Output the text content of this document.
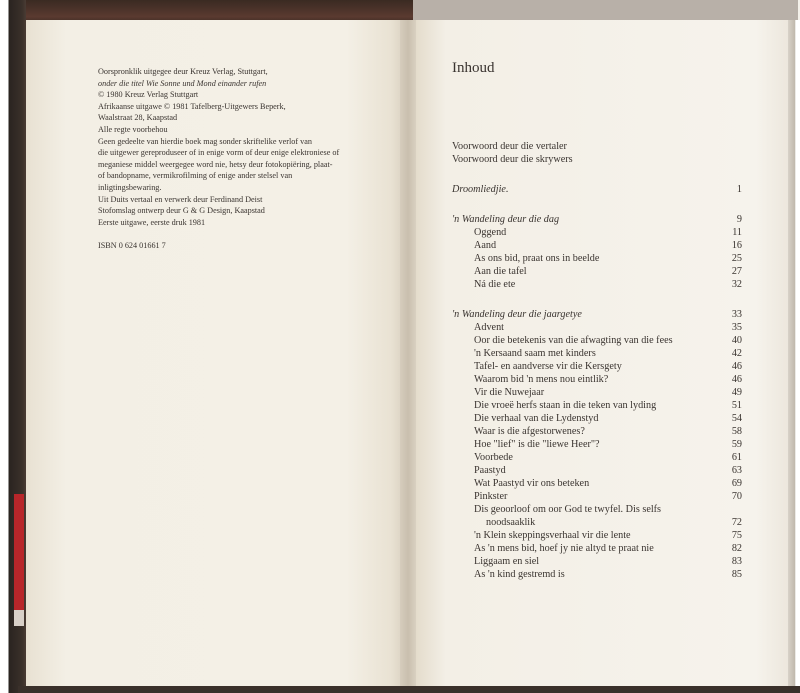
Oorspronklik uitgegee deur Kreuz Verlag, Stuttgart,
onder die titel Wie Sonne und Mond einander rufen
© 1980 Kreuz Verlag Stuttgart
Afrikaanse uitgawe © 1981 Tafelberg-Uitgewers Beperk,
Waalstraat 28, Kaapstad
Alle regte voorbehou
Geen gedeelte van hierdie boek mag sonder skriftelike verlof van
die uitgewer gereproduseer of in enige vorm of deur enige elektroniese of
meganiese middel weergegee word nie, hetsy deur fotokopiëring, plaat-
of bandopname, vermikrofilming of enige ander stelsel van
inligtingsbewaring.
Uit Duits vertaal en verwerk deur Ferdinand Deist
Stofomslag ontwerp deur G & G Design, Kaapstad
Eerste uitgawe, eerste druk 1981
ISBN 0 624 01661 7
Inhoud
Voorwoord deur die vertaler
Voorwoord deur die skrywers
Droomliedjie.	1
'n Wandeling deur die dag	9
Oggend	11
Aand	16
As ons bid, praat ons in beelde	25
Aan die tafel	27
Ná die ete	32
'n Wandeling deur die jaargetye	33
Advent	35
Oor die betekenis van die afwagting van die fees	40
'n Kersaand saam met kinders	42
Tafel- en aandverse vir die Kersgety	46
Waarom bid 'n mens nou eintlik?	46
Vir die Nuwejaar	49
Die vroeë herfs staan in die teken van lyding	51
Die verhaal van die Lydenstyd	54
Waar is die afgestorwenes?	58
Hoe "lief" is die "liewe Heer"?	59
Voorbede	61
Paastyd	63
Wat Paastyd vir ons beteken	69
Pinkster	70
Dis geoorloof om oor God te twyfel. Dis selfs
noodsaaklik	72
'n Klein skeppingsverhaal vir die lente	75
As 'n mens bid, hoef jy nie altyd te praat nie	82
Liggaam en siel	83
As 'n kind gestremd is	85
